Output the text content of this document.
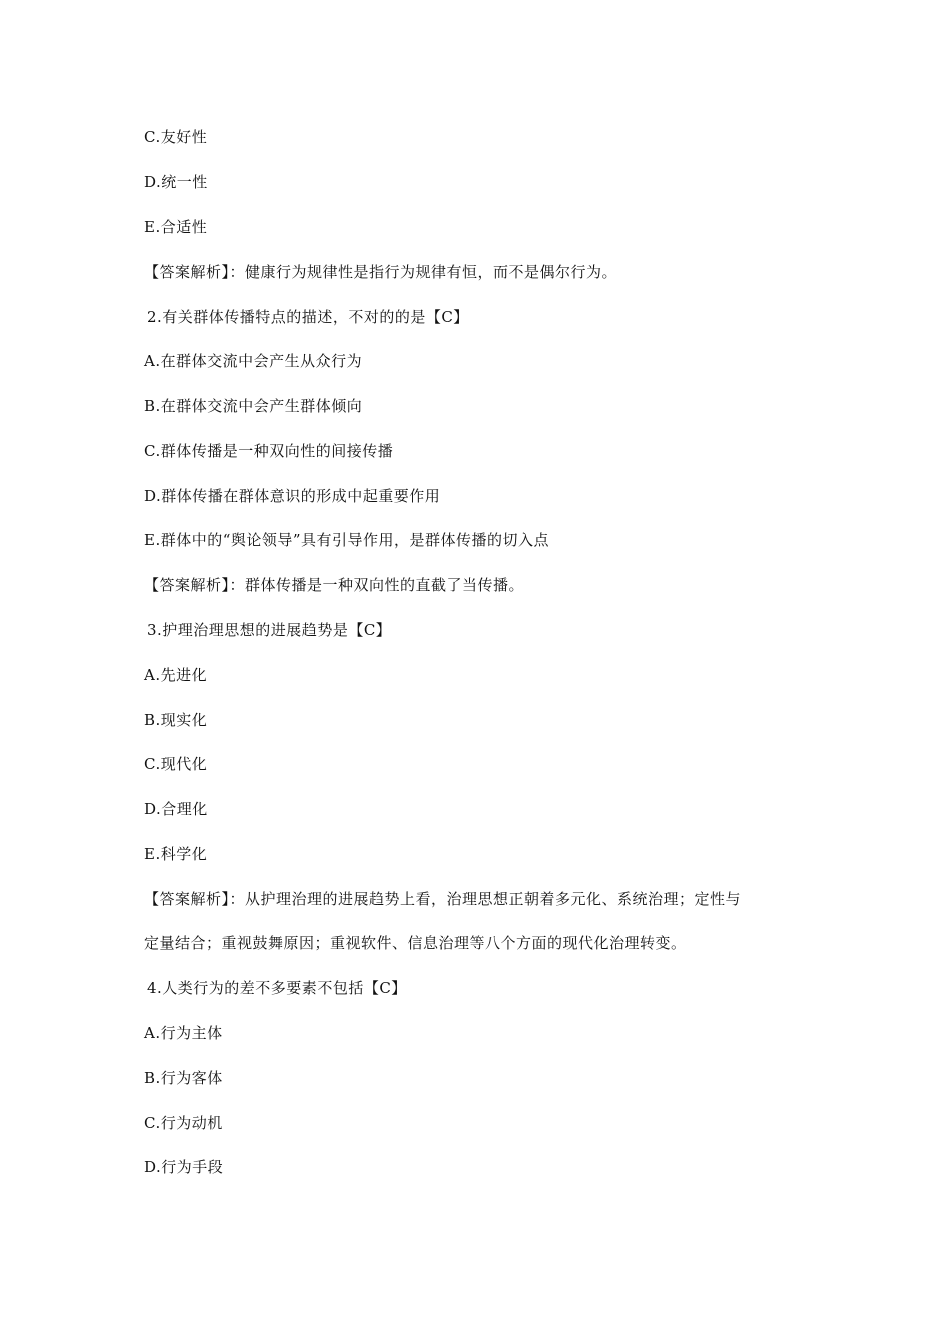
C.友好性
D.统一性
E.合适性
【答案解析】：健康行为规律性是指行为规律有恒，而不是偶尔行为。
2.有关群体传播特点的描述，不对的的是【C】
A.在群体交流中会产生从众行为
B.在群体交流中会产生群体倾向
C.群体传播是一种双向性的间接传播
D.群体传播在群体意识的形成中起重要作用
E.群体中的“舆论领导”具有引导作用，是群体传播的切入点
【答案解析】：群体传播是一种双向性的直截了当传播。
3.护理治理思想的进展趋势是【C】
A.先进化
B.现实化
C.现代化
D.合理化
E.科学化
【答案解析】：从护理治理的进展趋势上看，治理思想正朝着多元化、系统治理；定性与
定量结合；重视鼓舞原因；重视软件、信息治理等八个方面的现代化治理转变。
4.人类行为的差不多要素不包括【C】
A.行为主体
B.行为客体
C.行为动机
D.行为手段
